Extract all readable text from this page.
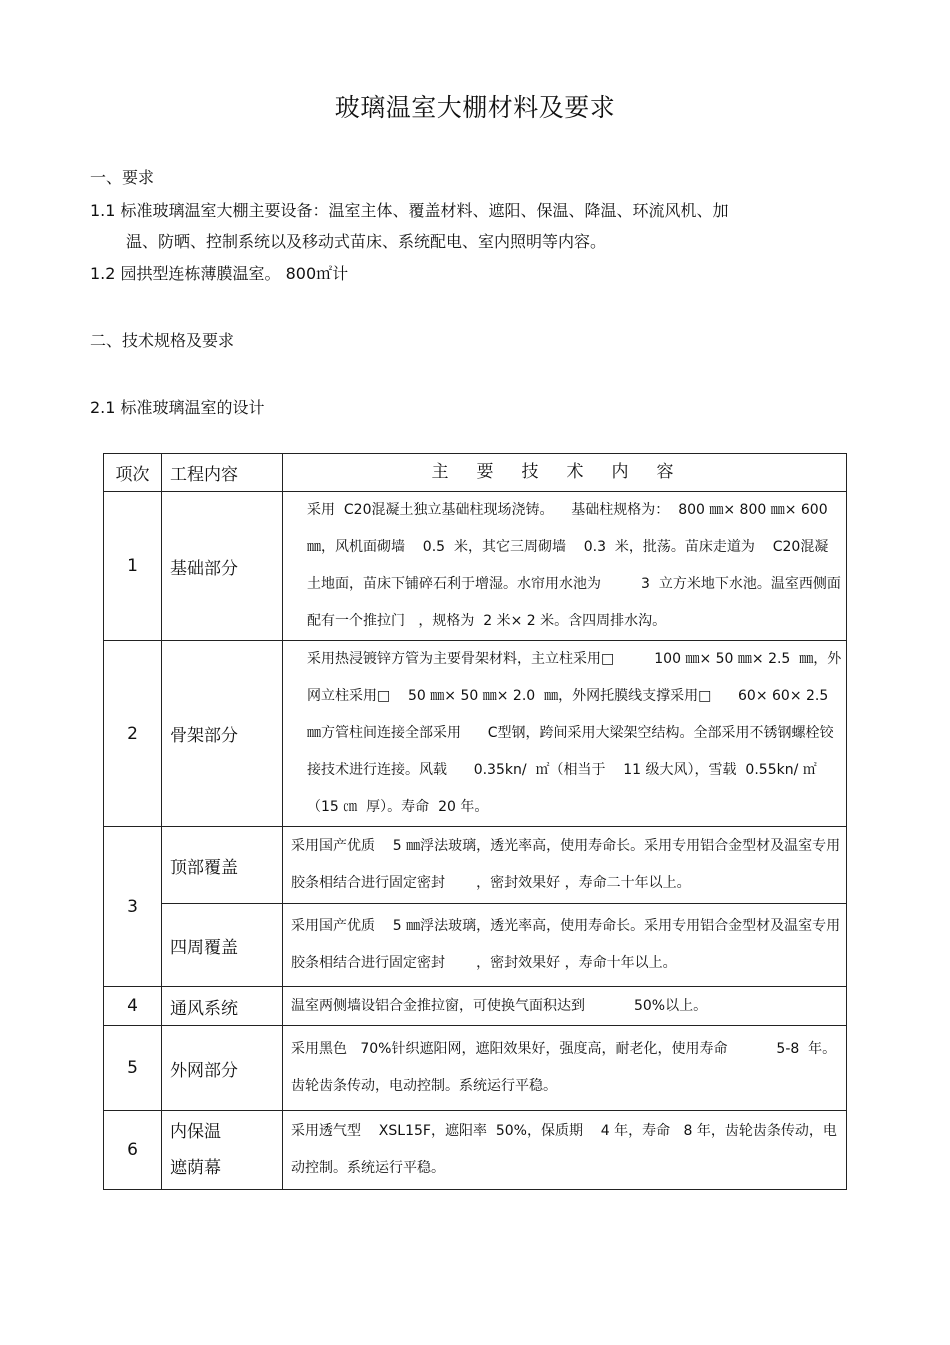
玻璃温室大棚材料及要求
一、要求
1.1 标准玻璃温室大棚主要设备：温室主体、覆盖材料、遮阳、保温、降温、环流风机、加
温、防晒、控制系统以及移动式苗床、系统配电、室内照明等内容。
1.2 园拱型连栋薄膜温室。 800㎡计
二、技术规格及要求
2.1 标准玻璃温室的设计
项次	工程内容	主要技术内容
1	基础部分	采用  C20混凝土独立基础柱现场浇铸。    基础柱规格为：  800 ㎜× 800 ㎜× 600 ㎜，风机面砌墙    0.5  米，其它三周砌墙    0.3  米，批荡。苗床走道为    C20混凝土地面，苗床下铺碎石利于增湿。水帘用水池为         3  立方米地下水池。温室西侧面配有一个推拉门   ，规格为  2 米× 2 米。含四周排水沟。

2	骨架部分	采用热浸镀锌方管为主要骨架材料，主立柱采用□         100 ㎜× 50 ㎜× 2.5  ㎜，外网立柱采用□    50 ㎜× 50 ㎜× 2.0  ㎜，外网托膜线支撑采用□      60× 60× 2.5 ㎜方管柱间连接全部采用      C型钢，跨间采用大梁架空结构。全部采用不锈钢螺栓铰接技术进行连接。风载      0.35kn/  ㎡（相当于    11 级大风），雪载  0.55kn/ ㎡（15 ㎝  厚）。寿命  20 年。

3	顶部覆盖	采用国产优质    5 ㎜浮法玻璃，透光率高，使用寿命长。采用专用铝合金型材及温室专用胶条相结合进行固定密封       ，密封效果好 ，寿命二十年以上。

	四周覆盖	采用国产优质    5 ㎜浮法玻璃，透光率高，使用寿命长。采用专用铝合金型材及温室专用胶条相结合进行固定密封       ，密封效果好 ，寿命十年以上。

4	通风系统	温室两侧墙设铝合金推拉窗，可使换气面积达到           50%以上。

5	外网部分	采用黑色   70%针织遮阳网，遮阳效果好，强度高，耐老化，使用寿命           5-8  年。齿轮齿条传动，电动控制。系统运行平稳。

6	内保温
遮荫幕	采用透气型    XSL15F，遮阳率  50%，保质期    4 年，寿命   8 年，齿轮齿条传动，电动控制。系统运行平稳。
